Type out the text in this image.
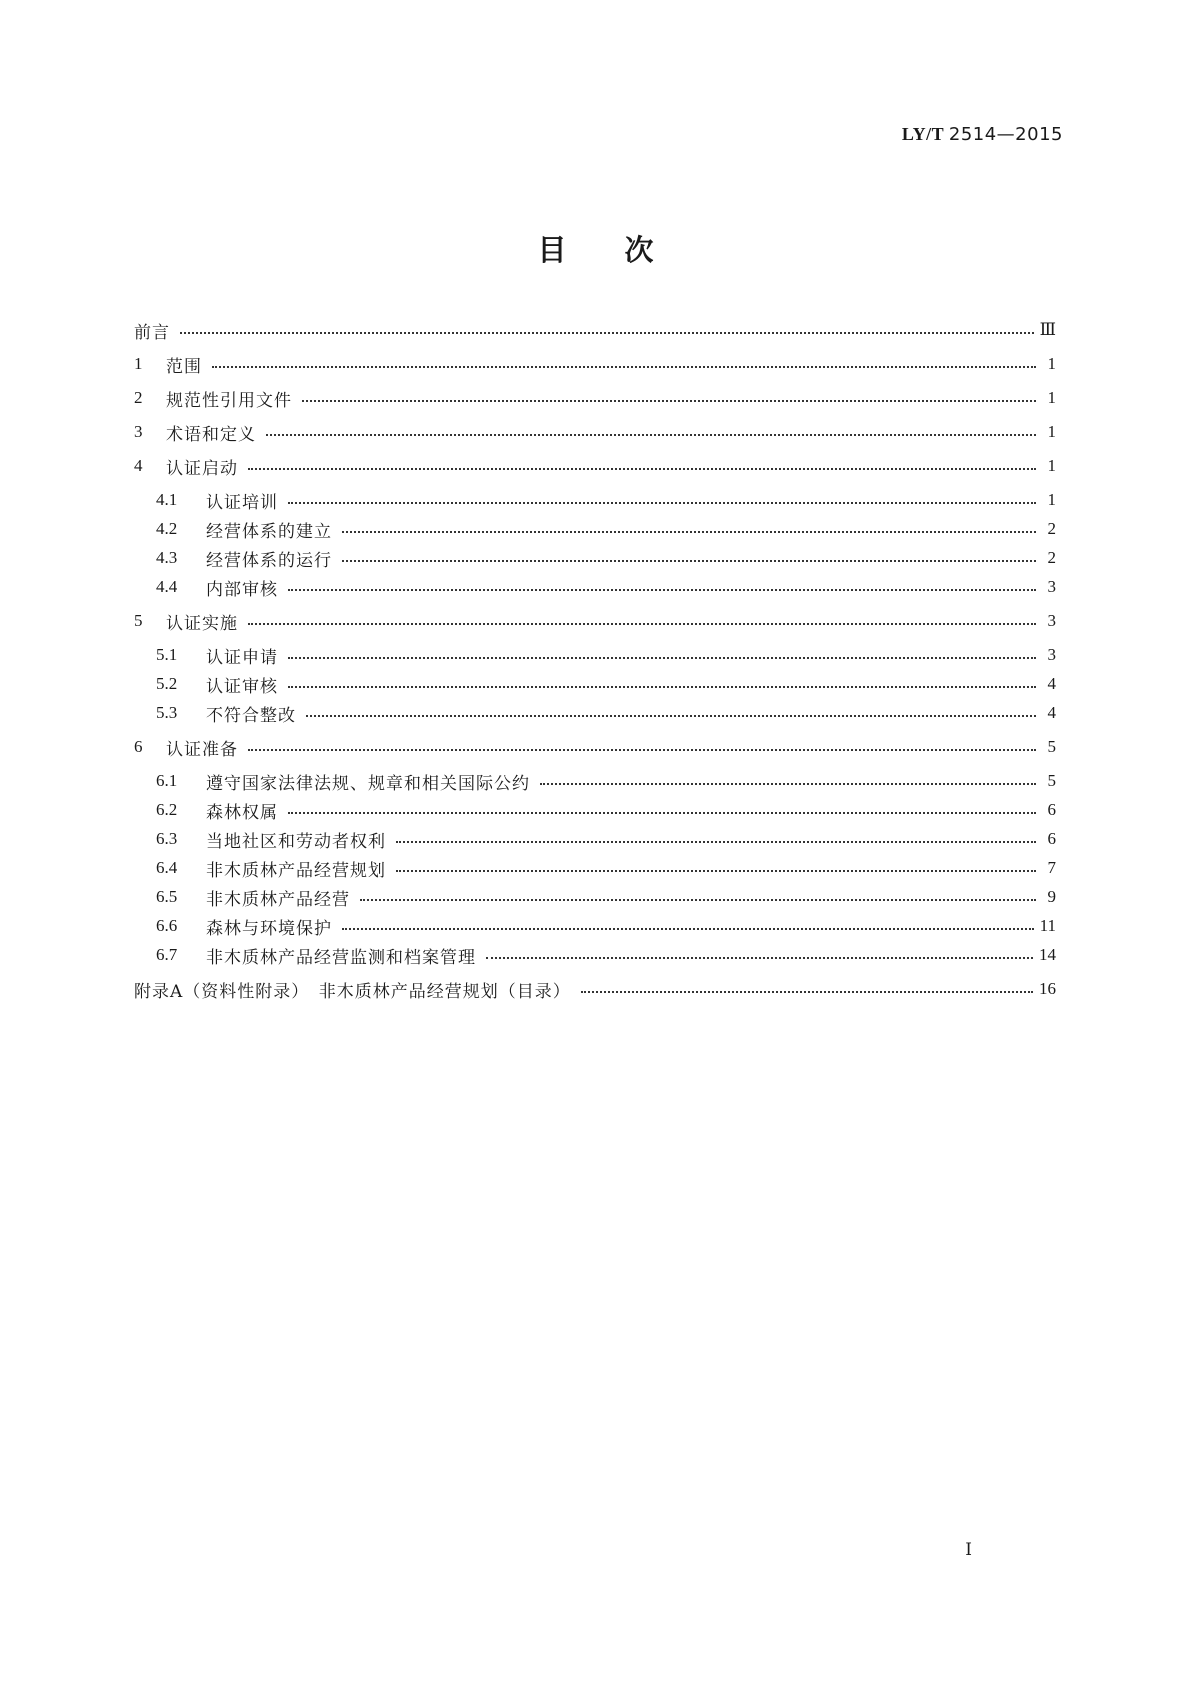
LY/T 2514—2015
目次
前言	Ⅲ
1	范围	1
2	规范性引用文件	1
3	术语和定义	1
4	认证启动	1
4.1	认证培训	1
4.2	经营体系的建立	2
4.3	经营体系的运行	2
4.4	内部审核	3
5	认证实施	3
5.1	认证申请	3
5.2	认证审核	4
5.3	不符合整改	4
6	认证准备	5
6.1	遵守国家法律法规、规章和相关国际公约	5
6.2	森林权属	6
6.3	当地社区和劳动者权利	6
6.4	非木质林产品经营规划	7
6.5	非木质林产品经营	9
6.6	森林与环境保护	11
6.7	非木质林产品经营监测和档案管理	14
附录A（资料性附录）　非木质林产品经营规划（目录）	16
Ⅰ
